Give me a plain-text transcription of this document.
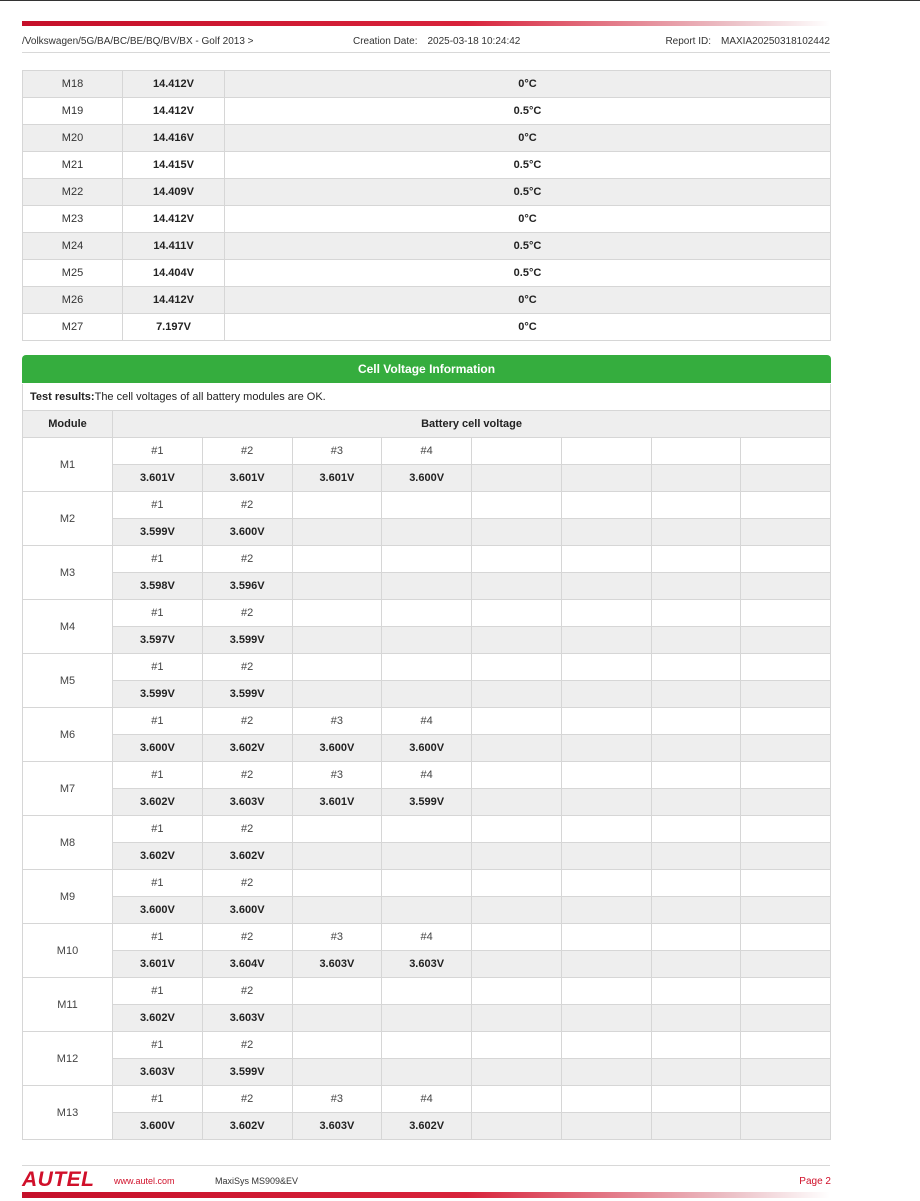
/Volkswagen/5G/BA/BC/BE/BQ/BV/BX - Golf 2013 >	Creation Date: 2025-03-18 10:24:42	Report ID: MAXIA20250318102442
M18	14.412V	0°C
M19	14.412V	0.5°C
M20	14.416V	0°C
M21	14.415V	0.5°C
M22	14.409V	0.5°C
M23	14.412V	0°C
M24	14.411V	0.5°C
M25	14.404V	0.5°C
M26	14.412V	0°C
M27	7.197V	0°C
Cell Voltage Information
Test results:The cell voltages of all battery modules are OK.
Module	Battery cell voltage							
M1	#1	#2	#3	#4				
	3.601V	3.601V	3.601V	3.600V				
M2	#1	#2						
	3.599V	3.600V						
M3	#1	#2						
	3.598V	3.596V						
M4	#1	#2						
	3.597V	3.599V						
M5	#1	#2						
	3.599V	3.599V						
M6	#1	#2	#3	#4				
	3.600V	3.602V	3.600V	3.600V				
M7	#1	#2	#3	#4				
	3.602V	3.603V	3.601V	3.599V				
M8	#1	#2						
	3.602V	3.602V						
M9	#1	#2						
	3.600V	3.600V						
M10	#1	#2	#3	#4				
	3.601V	3.604V	3.603V	3.603V				
M11	#1	#2						
	3.602V	3.603V						
M12	#1	#2						
	3.603V	3.599V						
M13	#1	#2	#3	#4				
	3.600V	3.602V	3.603V	3.602V				
AUTEL www.autel.com	MaxiSys MS909&EV	Page 2
